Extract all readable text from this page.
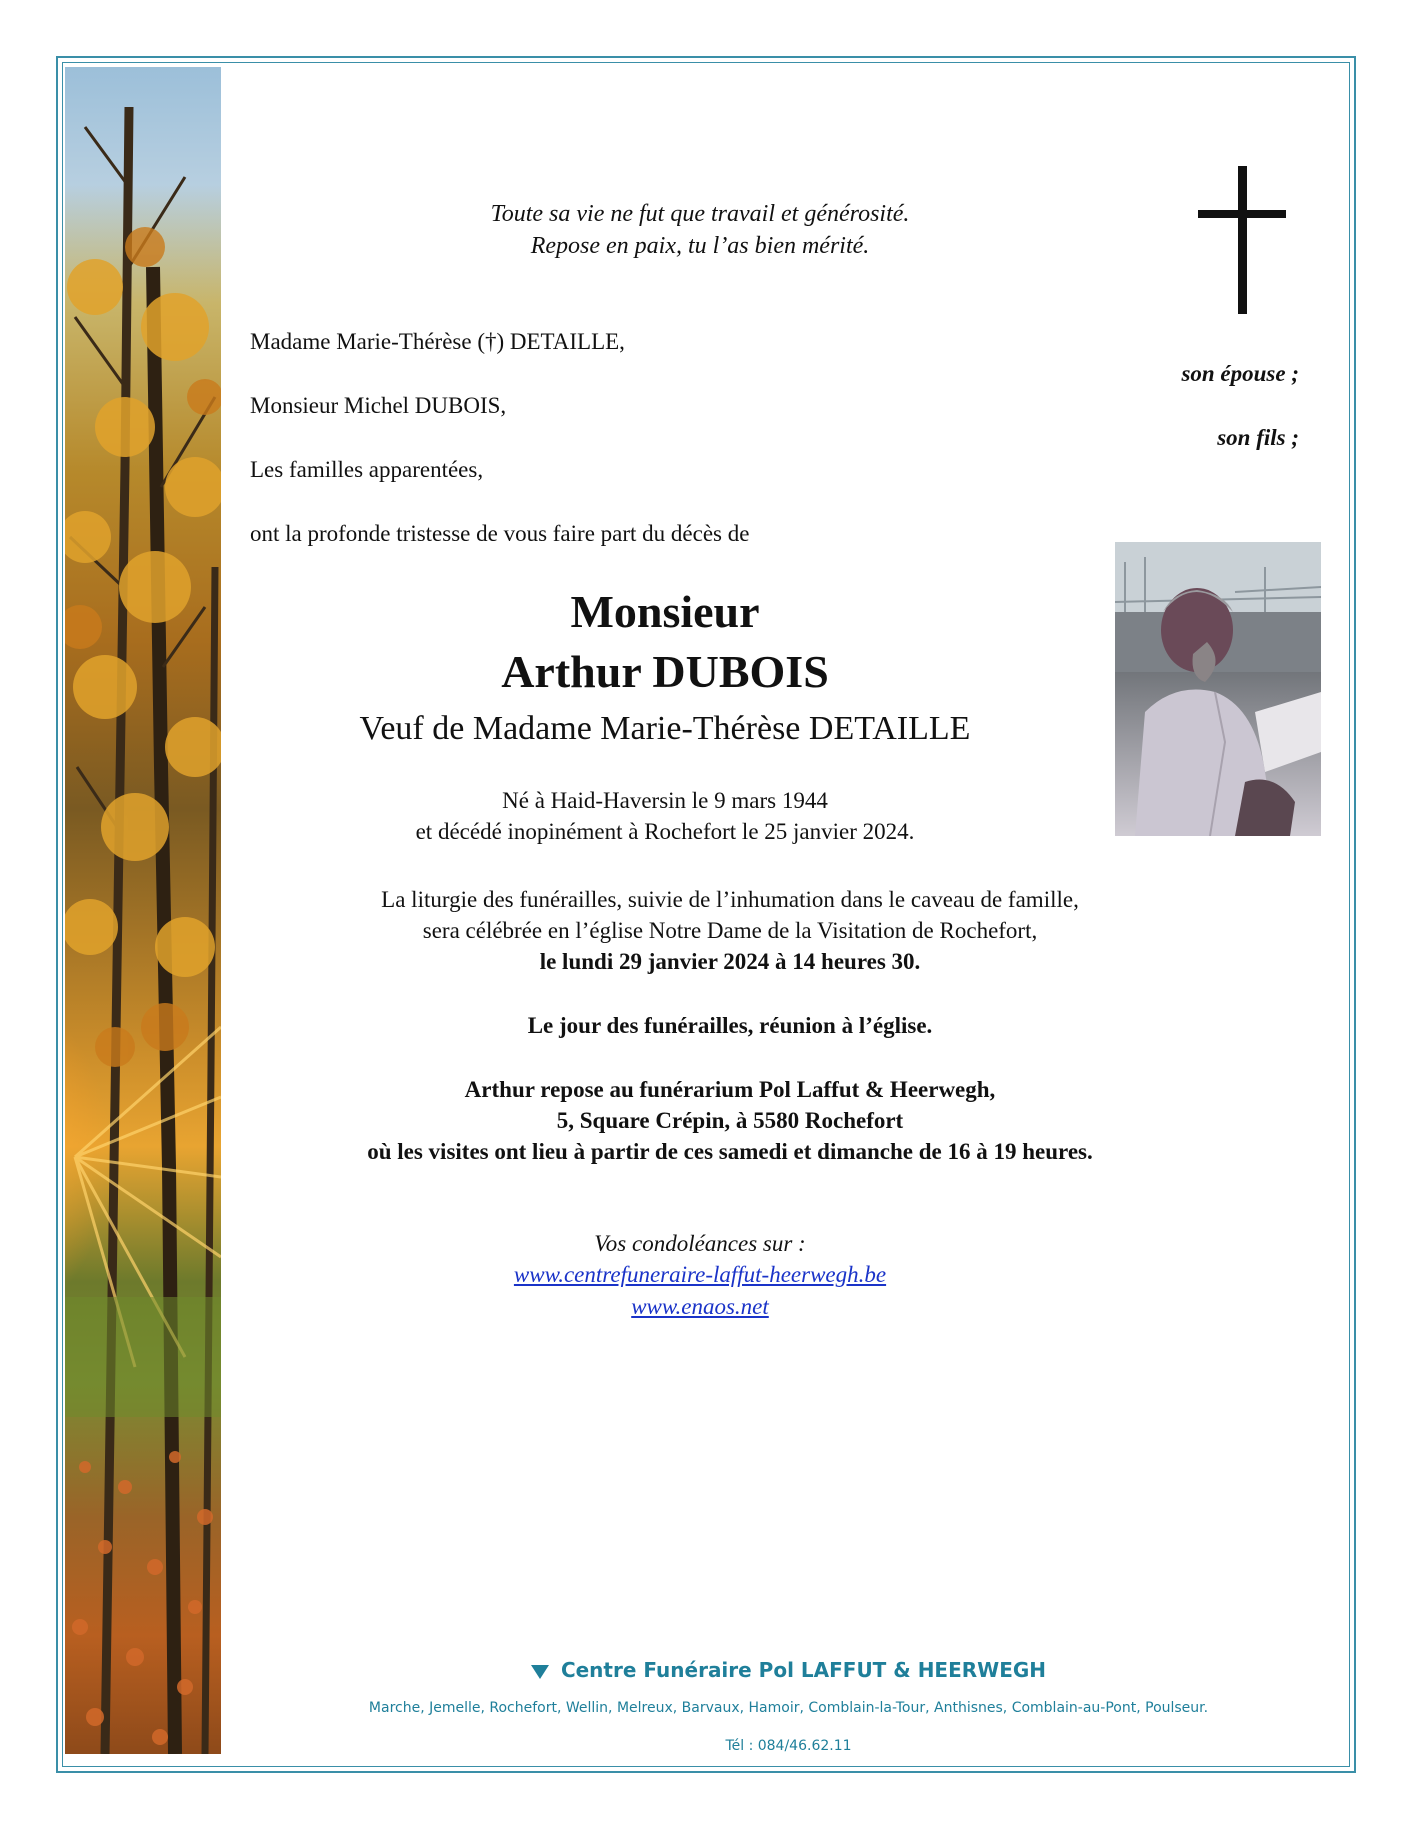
Toute sa vie ne fut que travail et générosité.
Repose en paix, tu l’as bien mérité.
Madame Marie-Thérèse (†) DETAILLE,
son épouse ;
Monsieur Michel DUBOIS,
son fils ;
Les familles apparentées,
ont la profonde tristesse de vous faire part du décès de
Monsieur
Arthur DUBOIS
Veuf de Madame Marie-Thérèse DETAILLE
Né à Haid-Haversin le 9 mars 1944
et décédé inopinément à Rochefort le 25 janvier 2024.
La liturgie des funérailles, suivie de l’inhumation dans le caveau de famille,
sera célébrée en l’église Notre Dame de la Visitation de Rochefort,
le lundi 29 janvier 2024 à 14 heures 30.
Le jour des funérailles, réunion à l’église.
Arthur repose au funérarium Pol Laffut & Heerwegh,
5, Square Crépin, à 5580 Rochefort
où les visites ont lieu à partir de ces samedi et dimanche de 16 à 19 heures.
Vos condoléances sur :
www.centrefuneraire-laffut-heerwegh.be
www.enaos.net
Centre Funéraire Pol LAFFUT & HEERWEGH
Marche, Jemelle, Rochefort, Wellin, Melreux, Barvaux, Hamoir, Comblain-la-Tour, Anthisnes, Comblain-au-Pont, Poulseur.
Tél : 084/46.62.11
